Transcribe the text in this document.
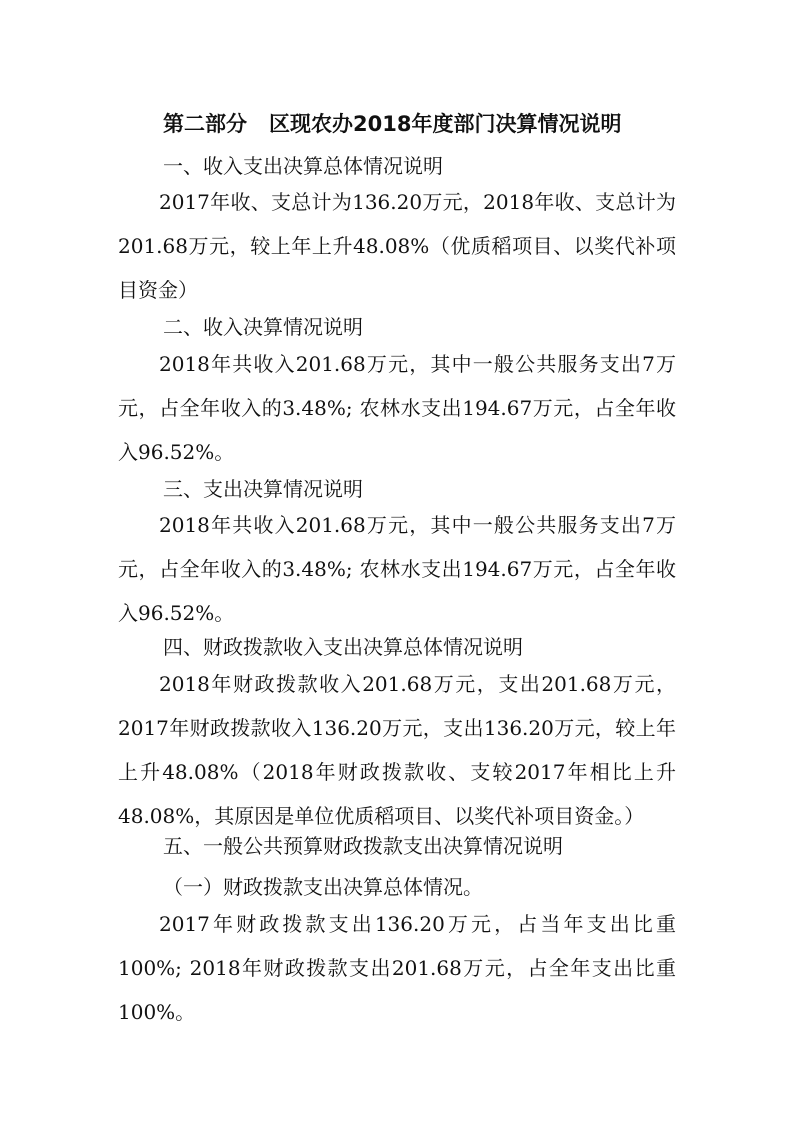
第二部分 区现农办2018年度部门决算情况说明
一、收入支出决算总体情况说明
2017年收、支总计为136.20万元，2018年收、支总计为201.68万元，较上年上升48.08%（优质稻项目、以奖代补项目资金）
二、收入决算情况说明
2018年共收入201.68万元，其中一般公共服务支出7万元，占全年收入的3.48%; 农林水支出194.67万元，占全年收入96.52%。
三、支出决算情况说明
2018年共收入201.68万元，其中一般公共服务支出7万元，占全年收入的3.48%; 农林水支出194.67万元，占全年收入96.52%。
四、财政拨款收入支出决算总体情况说明
2018年财政拨款收入201.68万元，支出201.68万元，2017年财政拨款收入136.20万元，支出136.20万元，较上年上升48.08%（2018年财政拨款收、支较2017年相比上升48.08%，其原因是单位优质稻项目、以奖代补项目资金。）
五、一般公共预算财政拨款支出决算情况说明
（一）财政拨款支出决算总体情况。
2017年财政拨款支出136.20万元，占当年支出比重100%; 2018年财政拨款支出201.68万元，占全年支出比重100%。
